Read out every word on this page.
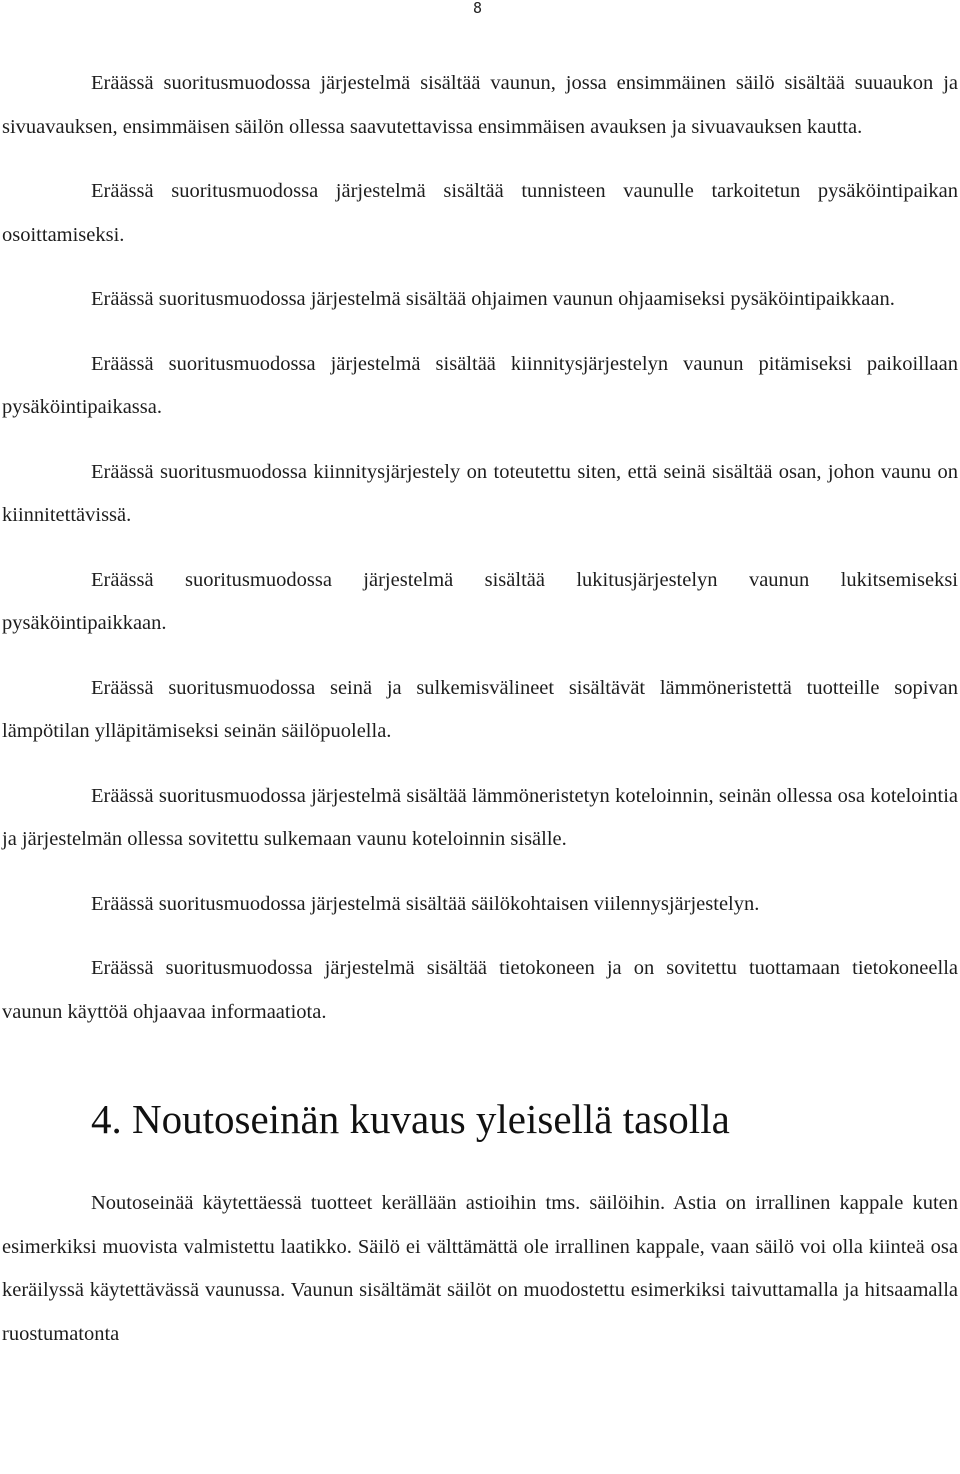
8

Eräässä suoritusmuodossa järjestelmä sisältää vaunun, jossa ensimmäinen säilö sisältää suuaukon ja sivuavauksen, ensimmäisen säilön ollessa saavutettavissa ensimmäisen avauksen ja sivuavauksen kautta.

Eräässä suoritusmuodossa järjestelmä sisältää tunnisteen vaunulle tarkoitetun pysäköintipaikan osoittamiseksi.

Eräässä suoritusmuodossa järjestelmä sisältää ohjaimen vaunun ohjaamiseksi pysäköintipaikkaan.

Eräässä suoritusmuodossa järjestelmä sisältää kiinnitysjärjestelyn vaunun pitämiseksi paikoillaan pysäköintipaikassa.

Eräässä suoritusmuodossa kiinnitysjärjestely on toteutettu siten, että seinä sisältää osan, johon vaunu on kiinnitettävissä.

Eräässä suoritusmuodossa järjestelmä sisältää lukitusjärjestelyn vaunun lukitsemiseksi pysäköintipaikkaan.

Eräässä suoritusmuodossa seinä ja sulkemisvälineet sisältävät lämmöneristettä tuotteille sopivan lämpötilan ylläpitämiseksi seinän säilöpuolella.

Eräässä suoritusmuodossa järjestelmä sisältää lämmöneristetyn koteloinnin, seinän ollessa osa kotelointia ja järjestelmän ollessa sovitettu sulkemaan vaunu koteloinnin sisälle.

Eräässä suoritusmuodossa järjestelmä sisältää säilökohtaisen viilennysjärjestelyn.

Eräässä suoritusmuodossa järjestelmä sisältää tietokoneen ja on sovitettu tuottamaan tietokoneella vaunun käyttöä ohjaavaa informaatiota.

4. Noutoseinän kuvaus yleisellä tasolla

Noutoseinää käytettäessä tuotteet kerällään astioihin tms. säilöihin. Astia on irrallinen kappale kuten esimerkiksi muovista valmistettu laatikko. Säilö ei välttämättä ole irrallinen kappale, vaan säilö voi olla kiinteä osa keräilyssä käytettävässä vaunussa. Vaunun sisältämät säilöt on muodostettu esimerkiksi taivuttamalla ja hitsaamalla ruostumatonta
